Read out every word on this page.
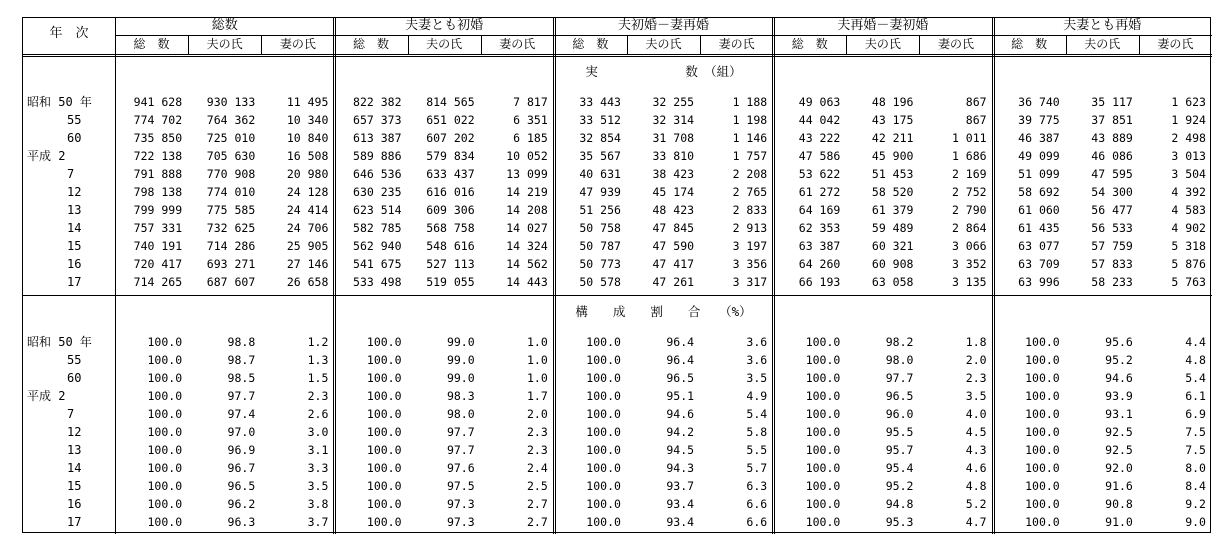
年　次
総数
総　数	夫の氏	妻の氏
夫妻とも初婚
総　数	夫の氏	妻の氏
夫初婚－妻再婚
総　数	夫の氏	妻の氏
夫再婚－妻初婚
総　数	夫の氏	妻の氏
夫妻とも再婚
総　数	夫の氏	妻の氏
実　　　　　　　数　（組）
構　　成　　割　　合　　（%）
昭和 50 年	941 628	930 133	11 495	822 382	814 565	7 817	33 443	32 255	1 188	49 063	48 196	867	36 740	35 117	1 623
55	774 702	764 362	10 340	657 373	651 022	6 351	33 512	32 314	1 198	44 042	43 175	867	39 775	37 851	1 924
60	735 850	725 010	10 840	613 387	607 202	6 185	32 854	31 708	1 146	43 222	42 211	1 011	46 387	43 889	2 498
平成 2	722 138	705 630	16 508	589 886	579 834	10 052	35 567	33 810	1 757	47 586	45 900	1 686	49 099	46 086	3 013
7	791 888	770 908	20 980	646 536	633 437	13 099	40 631	38 423	2 208	53 622	51 453	2 169	51 099	47 595	3 504
12	798 138	774 010	24 128	630 235	616 016	14 219	47 939	45 174	2 765	61 272	58 520	2 752	58 692	54 300	4 392
13	799 999	775 585	24 414	623 514	609 306	14 208	51 256	48 423	2 833	64 169	61 379	2 790	61 060	56 477	4 583
14	757 331	732 625	24 706	582 785	568 758	14 027	50 758	47 845	2 913	62 353	59 489	2 864	61 435	56 533	4 902
15	740 191	714 286	25 905	562 940	548 616	14 324	50 787	47 590	3 197	63 387	60 321	3 066	63 077	57 759	5 318
16	720 417	693 271	27 146	541 675	527 113	14 562	50 773	47 417	3 356	64 260	60 908	3 352	63 709	57 833	5 876
17	714 265	687 607	26 658	533 498	519 055	14 443	50 578	47 261	3 317	66 193	63 058	3 135	63 996	58 233	5 763
昭和 50 年	100.0	98.8	1.2	100.0	99.0	1.0	100.0	96.4	3.6	100.0	98.2	1.8	100.0	95.6	4.4
55	100.0	98.7	1.3	100.0	99.0	1.0	100.0	96.4	3.6	100.0	98.0	2.0	100.0	95.2	4.8
60	100.0	98.5	1.5	100.0	99.0	1.0	100.0	96.5	3.5	100.0	97.7	2.3	100.0	94.6	5.4
平成 2	100.0	97.7	2.3	100.0	98.3	1.7	100.0	95.1	4.9	100.0	96.5	3.5	100.0	93.9	6.1
7	100.0	97.4	2.6	100.0	98.0	2.0	100.0	94.6	5.4	100.0	96.0	4.0	100.0	93.1	6.9
12	100.0	97.0	3.0	100.0	97.7	2.3	100.0	94.2	5.8	100.0	95.5	4.5	100.0	92.5	7.5
13	100.0	96.9	3.1	100.0	97.7	2.3	100.0	94.5	5.5	100.0	95.7	4.3	100.0	92.5	7.5
14	100.0	96.7	3.3	100.0	97.6	2.4	100.0	94.3	5.7	100.0	95.4	4.6	100.0	92.0	8.0
15	100.0	96.5	3.5	100.0	97.5	2.5	100.0	93.7	6.3	100.0	95.2	4.8	100.0	91.6	8.4
16	100.0	96.2	3.8	100.0	97.3	2.7	100.0	93.4	6.6	100.0	94.8	5.2	100.0	90.8	9.2
17	100.0	96.3	3.7	100.0	97.3	2.7	100.0	93.4	6.6	100.0	95.3	4.7	100.0	91.0	9.0
